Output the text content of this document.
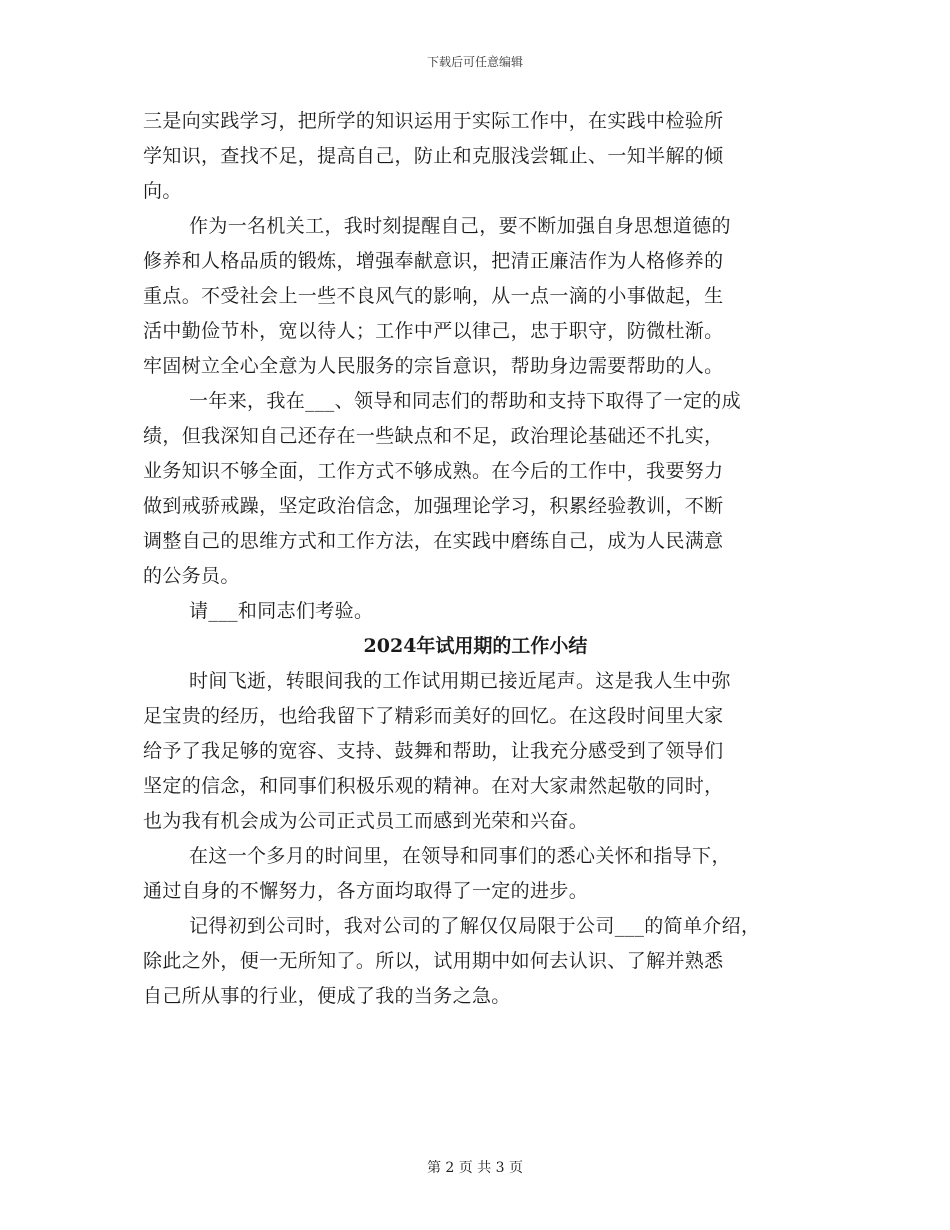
下载后可任意编辑
三是向实践学习，把所学的知识运用于实际工作中，在实践中检验所
学知识，查找不足，提高自己，防止和克服浅尝辄止、一知半解的倾
向。
作为一名机关工，我时刻提醒自己，要不断加强自身思想道德的
修养和人格品质的锻炼，增强奉献意识，把清正廉洁作为人格修养的
重点。不受社会上一些不良风气的影响，从一点一滴的小事做起，生
活中勤俭节朴，宽以待人；工作中严以律己，忠于职守，防微杜渐。
牢固树立全心全意为人民服务的宗旨意识，帮助身边需要帮助的人。
一年来，我在___、领导和同志们的帮助和支持下取得了一定的成
绩，但我深知自己还存在一些缺点和不足，政治理论基础还不扎实，
业务知识不够全面，工作方式不够成熟。在今后的工作中，我要努力
做到戒骄戒躁，坚定政治信念，加强理论学习，积累经验教训，不断
调整自己的思维方式和工作方法，在实践中磨练自己，成为人民满意
的公务员。
请___和同志们考验。
2024年试用期的工作小结
时间飞逝，转眼间我的工作试用期已接近尾声。这是我人生中弥
足宝贵的经历，也给我留下了精彩而美好的回忆。在这段时间里大家
给予了我足够的宽容、支持、鼓舞和帮助，让我充分感受到了领导们
坚定的信念，和同事们积极乐观的精神。在对大家肃然起敬的同时，
也为我有机会成为公司正式员工而感到光荣和兴奋。
在这一个多月的时间里，在领导和同事们的悉心关怀和指导下，
通过自身的不懈努力，各方面均取得了一定的进步。
记得初到公司时，我对公司的了解仅仅局限于公司___的简单介绍，
除此之外，便一无所知了。所以，试用期中如何去认识、了解并熟悉
自己所从事的行业，便成了我的当务之急。
第 2 页 共 3 页
